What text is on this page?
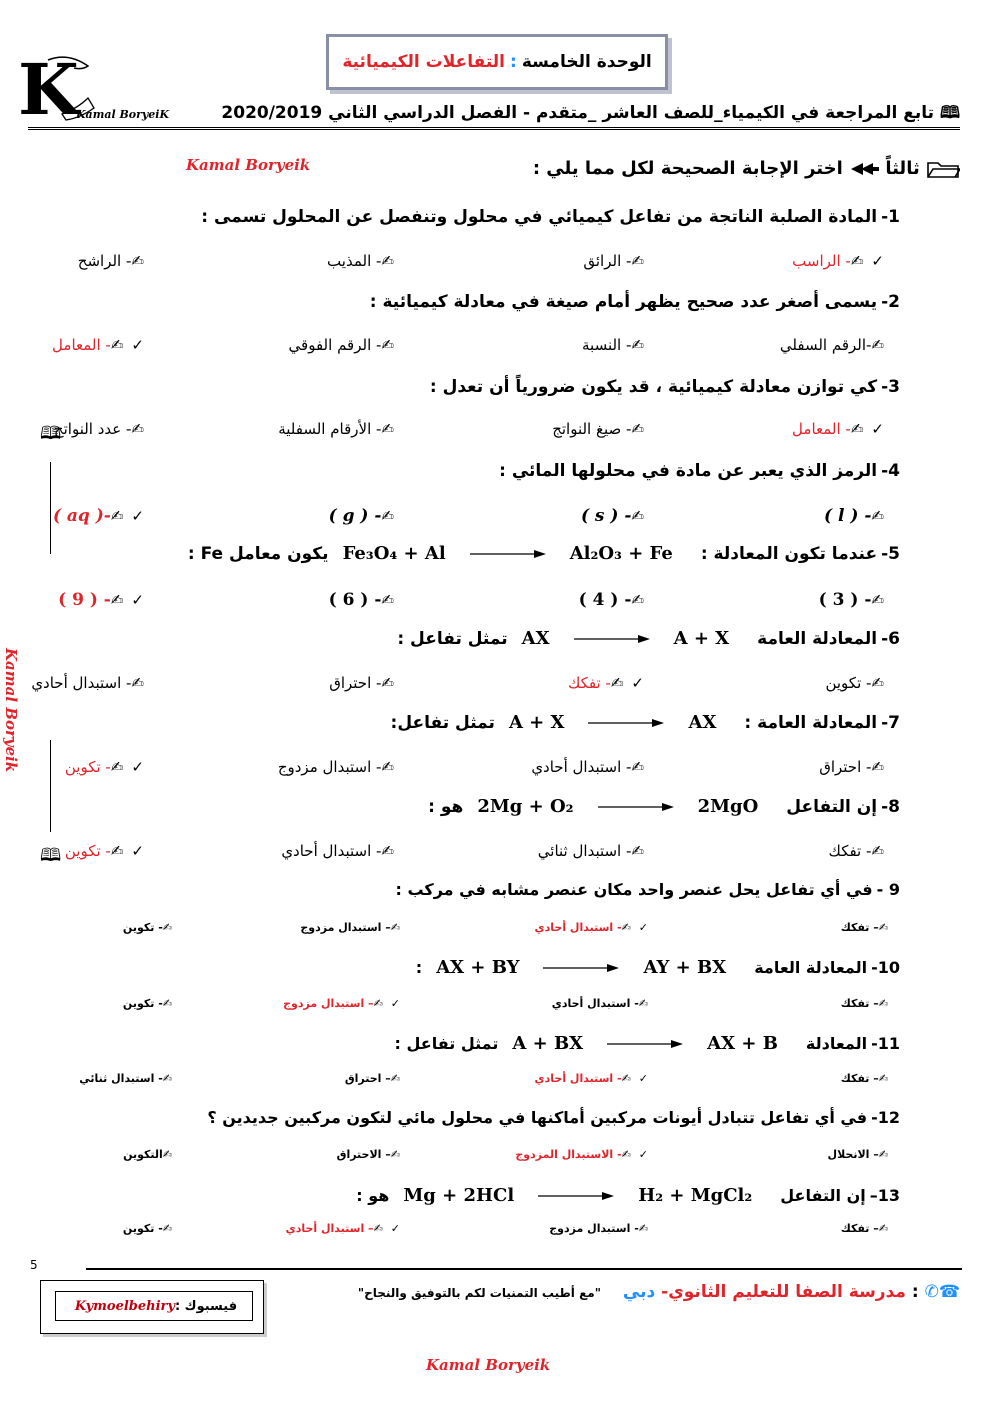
الوحدة الخامسة
:
التفاعلات الكيميائية
K
Kamal BoryeiK	🕮 تابع المراجعة في الكيمياء_للصف العاشر _متقدم - الفصل الدراسي الثاني 2020/2019
Kamal Boryeik	ثالثاً  اختر الإجابة الصحيحة لكل مما يلي :
🕮
Kamal Boryeik
🕮
1-المادة الصلبة الناتجة من تفاعل كيميائي في محلول وتنفصل عن المحلول تسمى :
✓✍- الراسب
✍- الرائق
✍- المذيب
✍- الراشح
2-يسمى أصغر عدد صحيح يظهر أمام صيغة في معادلة كيميائية :
✍-الرقم السفلي
✍- النسبة
✍- الرقم الفوقي
✓✍- المعامل
3-كي توازن معادلة كيميائية ، قد يكون ضرورياً أن تعدل :
✓✍- المعامل
✍- صيغ النواتج
✍- الأرقام السفلية
✍- عدد النواتج
4-الرمز الذي يعبر عن مادة في محلولها المائي :
✍- ( l )
✍- ( s )
✍- ( g )
✓✍-( aq )
5-عندما تكون المعادلة :Fe₃O₄ + Al	Al₂O₃ + Feيكون معامل Fe :
✍- ( 3 )
✍- ( 4 )
✍- ( 6 )
✓✍- ( 9 )
6-المعادلة العامةAX	A + Xتمثل تفاعل :
✍- تكوين
✓✍- تفكك
✍- احتراق
✍- استبدال أحادي
7-المعادلة العامة :A + X	AXتمثل تفاعل:
✍- احتراق
✍- استبدال أحادي
✍- استبدال مزدوج
✓✍- تكوين
8-إن التفاعل2Mg + O₂	2MgOهو :
✍- تفكك
✍- استبدال ثنائي
✍- استبدال أحادي
✓✍- تكوين
9 -في أي تفاعل يحل عنصر واحد مكان عنصر مشابه في مركب :
✍– تفكك
✓✍- استبدال أحادي
✍– استبدال مزدوج
✍- تكوين
10-المعادلة العامةAX + BY	AY + BX:
✍– تفكك
✍- استبدال أحادي
✓✍– استبدال مزدوج
✍- تكوين
11-المعادلةA + BX	AX + Bتمثل تفاعل :
✍– تفكك
✓✍- استبدال أحادي
✍– احتراق
✍- استبدال ثنائي
12-في أي تفاعل تتبادل أيونات مركبين أماكنها في محلول مائي لتكون مركبين جديدين ؟
✍– الانحلال
✓✍- الاستبدال المزدوج
✍– الاحتراق
✍التكوين
13–إن التفاعلMg + 2HCl	H₂ + MgCl₂هو :
✍– تفكك
✍- استبدال مزدوج
✓✍– استبدال أحادي
✍- تكوين
5
فيسبوك :
Kymoelbehiry
☎✆ : مدرسة الصفا للتعليم الثانوي- دبي "مع أطيب التمنيات لكم بالتوفيق والنجاح"
Kamal Boryeik
